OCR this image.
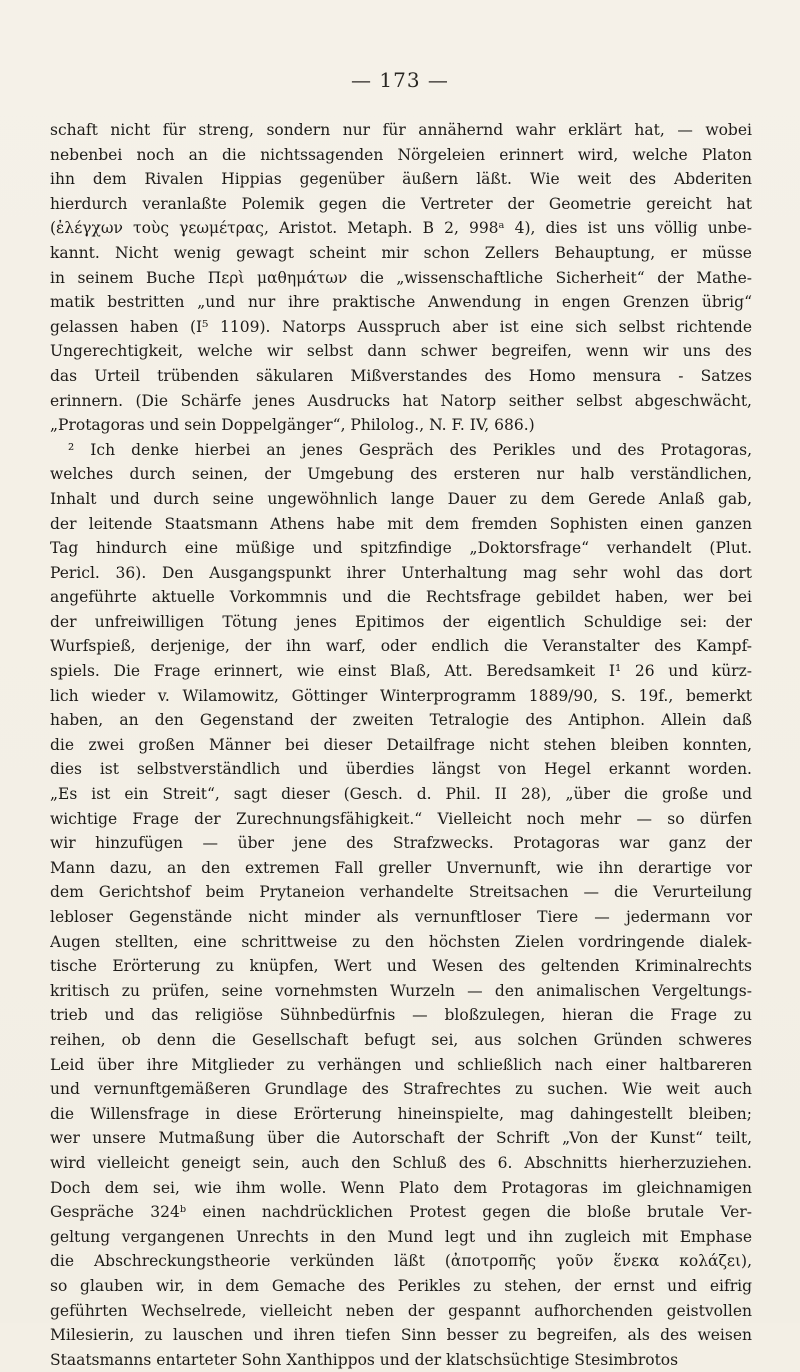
— 173 —
schaft nicht für streng, sondern nur für annähernd wahr erklärt hat, — wobei
nebenbei noch an die nichtssagenden Nörgeleien erinnert wird, welche Platon
ihn dem Rivalen Hippias gegenüber äußern läßt. Wie weit des Abderiten
hierdurch veranlaßte Polemik gegen die Vertreter der Geometrie gereicht hat
(ἐλέγχων τοὺς γεωμέτρας, Aristot. Metaph. B 2, 998ᵃ 4), dies ist uns völlig unbe-
kannt. Nicht wenig gewagt scheint mir schon Zellers Behauptung, er müsse
in seinem Buche Περὶ μαθημάτων die „wissenschaftliche Sicherheit“ der Mathe-
matik bestritten „und nur ihre praktische Anwendung in engen Grenzen übrig“
gelassen haben (I⁵ 1109). Natorps Ausspruch aber ist eine sich selbst richtende
Ungerechtigkeit, welche wir selbst dann schwer begreifen, wenn wir uns des
das Urteil trübenden säkularen Mißverstandes des Homo mensura - Satzes
erinnern. (Die Schärfe jenes Ausdrucks hat Natorp seither selbst abgeschwächt,
„Protagoras und sein Doppelgänger“, Philolog., N. F. IV, 686.)
² Ich denke hierbei an jenes Gespräch des Perikles und des Protagoras,
welches durch seinen, der Umgebung des ersteren nur halb verständlichen,
Inhalt und durch seine ungewöhnlich lange Dauer zu dem Gerede Anlaß gab,
der leitende Staatsmann Athens habe mit dem fremden Sophisten einen ganzen
Tag hindurch eine müßige und spitzfindige „Doktorsfrage“ verhandelt (Plut.
Pericl. 36). Den Ausgangspunkt ihrer Unterhaltung mag sehr wohl das dort
angeführte aktuelle Vorkommnis und die Rechtsfrage gebildet haben, wer bei
der unfreiwilligen Tötung jenes Epitimos der eigentlich Schuldige sei: der
Wurfspieß, derjenige, der ihn warf, oder endlich die Veranstalter des Kampf-
spiels. Die Frage erinnert, wie einst Blaß, Att. Beredsamkeit I¹ 26 und kürz-
lich wieder v. Wilamowitz, Göttinger Winterprogramm 1889/90, S. 19f., bemerkt
haben, an den Gegenstand der zweiten Tetralogie des Antiphon. Allein daß
die zwei großen Männer bei dieser Detailfrage nicht stehen bleiben konnten,
dies ist selbstverständlich und überdies längst von Hegel erkannt worden.
„Es ist ein Streit“, sagt dieser (Gesch. d. Phil. II 28), „über die große und
wichtige Frage der Zurechnungsfähigkeit.“ Vielleicht noch mehr — so dürfen
wir hinzufügen — über jene des Strafzwecks. Protagoras war ganz der
Mann dazu, an den extremen Fall greller Unvernunft, wie ihn derartige vor
dem Gerichtshof beim Prytaneion verhandelte Streitsachen — die Verurteilung
lebloser Gegenstände nicht minder als vernunftloser Tiere — jedermann vor
Augen stellten, eine schrittweise zu den höchsten Zielen vordringende dialek-
tische Erörterung zu knüpfen, Wert und Wesen des geltenden Kriminalrechts
kritisch zu prüfen, seine vornehmsten Wurzeln — den animalischen Vergeltungs-
trieb und das religiöse Sühnbedürfnis — bloßzulegen, hieran die Frage zu
reihen, ob denn die Gesellschaft befugt sei, aus solchen Gründen schweres
Leid über ihre Mitglieder zu verhängen und schließlich nach einer haltbareren
und vernunftgemäßeren Grundlage des Strafrechtes zu suchen. Wie weit auch
die Willensfrage in diese Erörterung hineinspielte, mag dahingestellt bleiben;
wer unsere Mutmaßung über die Autorschaft der Schrift „Von der Kunst“ teilt,
wird vielleicht geneigt sein, auch den Schluß des 6. Abschnitts hierherzuziehen.
Doch dem sei, wie ihm wolle. Wenn Plato dem Protagoras im gleichnamigen
Gespräche 324ᵇ einen nachdrücklichen Protest gegen die bloße brutale Ver-
geltung vergangenen Unrechts in den Mund legt und ihn zugleich mit Emphase
die Abschreckungstheorie verkünden läßt (ἀποτροπῆς γοῦν ἕνεκα κολάζει),
so glauben wir, in dem Gemache des Perikles zu stehen, der ernst und eifrig
geführten Wechselrede, vielleicht neben der gespannt aufhorchenden geistvollen
Milesierin, zu lauschen und ihren tiefen Sinn besser zu begreifen, als des weisen
Staatsmanns entarteter Sohn Xanthippos und der klatschsüchtige Stesimbrotos
